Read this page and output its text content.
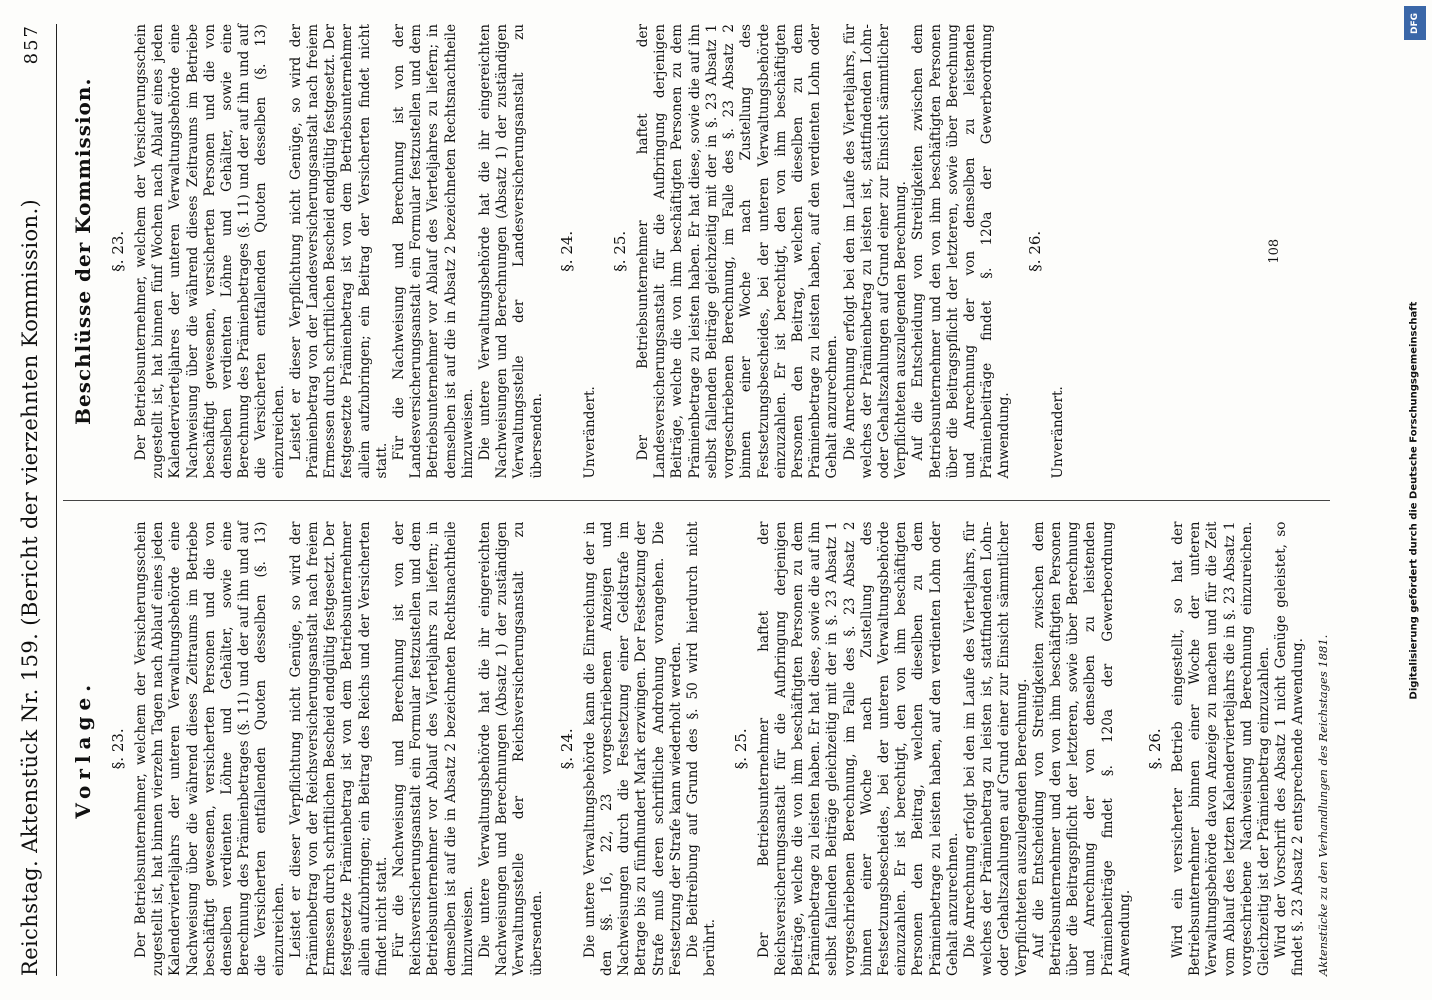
Reichstag. Aktenstück Nr. 159. (Bericht der vierzehnten Kommission.)
857
Vorlage. §. 23. Der Betriebsunternehmer, welchem der Versicherungsschein zugestellt ist, hat binnen vierzehn Tagen nach Ablauf eines jeden Kalendervierteljahrs der unteren Verwaltungsbehörde eine Nachweisung über die während dieses Zeitraums im Betriebe beschäftigt gewesenen, versicherten Personen und die von denselben verdienten Löhne und Gehälter, sowie eine Berechnung des Prämienbetrages (§. 11) und der auf ihn und auf die Versicherten entfallenden Quoten desselben (§. 13) einzureichen. Leistet er dieser Verpflichtung nicht Genüge, so wird der Prämienbetrag von der Reichsversicherungsanstalt nach freiem Ermessen durch schriftlichen Bescheid endgültig festgesetzt. Der festgesetzte Prämienbetrag ist von dem Betriebsunternehmer allein aufzubringen; ein Beitrag des Reichs und der Versicherten findet nicht statt. Für die Nachweisung und Berechnung ist von der Reichsversicherungsanstalt ein Formular festzustellen und dem Betriebsunternehmer vor Ablauf des Vierteljahrs zu liefern; in demselben ist auf die in Absatz 2 bezeichneten Rechtsnachtheile hinzuweisen. Die untere Verwaltungsbehörde hat die ihr eingereichten Nachweisungen und Berechnungen (Absatz 1) der zuständigen Verwaltungsstelle der Reichsversicherungsanstalt zu übersenden.

§. 24. Die untere Verwaltungsbehörde kann die Einreichung der in den §§. 16, 22, 23 vorgeschriebenen Anzeigen und Nachweisungen durch die Festsetzung einer Geldstrafe im Betrage bis zu fünfhundert Mark erzwingen. Der Festsetzung der Strafe muß deren schriftliche Androhung vorangehen. Die Festsetzung der Strafe kann wiederholt werden. Die Beitreibung auf Grund des §. 50 wird hierdurch nicht berührt.

§. 25. Der Betriebsunternehmer haftet der Reichsversicherungsanstalt für die Aufbringung derjenigen Beiträge, welche die von ihm beschäftigten Personen zu dem Prämienbetrage zu leisten haben. Er hat diese, sowie die auf ihn selbst fallenden Beiträge gleichzeitig mit der in §. 23 Absatz 1 vorgeschriebenen Berechnung, im Falle des §. 23 Absatz 2 binnen einer Woche nach Zustellung des Festsetzungsbescheides, bei der unteren Verwaltungsbehörde einzuzahlen. Er ist berechtigt, den von ihm beschäftigten Personen den Beitrag, welchen dieselben zu dem Prämienbetrage zu leisten haben, auf den verdienten Lohn oder Gehalt anzurechnen. Die Anrechnung erfolgt bei den im Laufe des Vierteljahrs, für welches der Prämienbetrag zu leisten ist, stattfindenden Lohn- oder Gehaltszahlungen auf Grund einer zur Einsicht sämmtlicher Verpflichteten auszulegenden Berechnung. Auf die Entscheidung von Streitigkeiten zwischen dem Betriebsunternehmer und den von ihm beschäftigten Personen über die Beitragspflicht der letzteren, sowie über Berechnung und Anrechnung der von denselben zu leistenden Prämienbeiträge findet §. 120a der Gewerbeordnung Anwendung.

§. 26. Wird ein versicherter Betrieb eingestellt, so hat der Betriebsunternehmer binnen einer Woche der unteren Verwaltungsbehörde davon Anzeige zu machen und für die Zeit vom Ablauf des letzten Kalendervierteljahrs die in §. 23 Absatz 1 vorgeschriebene Nachweisung und Berechnung einzureichen. Gleichzeitig ist der Prämienbetrag einzuzahlen. Wird der Vorschrift des Absatz 1 nicht Genüge geleistet, so findet §. 23 Absatz 2 entsprechende Anwendung. Aktenstücke zu den Verhandlungen des Reichstages 1881.
Beschlüsse der Kommission. §. 23. Der Betriebsunternehmer, welchem der Versicherungsschein zugestellt ist, hat binnen fünf Wochen nach Ablauf eines jeden Kalendervierteljahres der unteren Verwaltungsbehörde eine Nachweisung über die während dieses Zeitraums im Betriebe beschäftigt gewesenen, versicherten Personen und die von denselben verdienten Löhne und Gehälter, sowie eine Berechnung des Prämienbetrages (§. 11) und der auf ihn und auf die Versicherten entfallenden Quoten desselben (§. 13) einzureichen. Leistet er dieser Verpflichtung nicht Genüge, so wird der Prämienbetrag von der Landesversicherungsanstalt nach freiem Ermessen durch schriftlichen Bescheid endgültig festgesetzt. Der festgesetzte Prämienbetrag ist von dem Betriebsunternehmer allein aufzubringen; ein Beitrag der Versicherten findet nicht statt.

Für die Nachweisung und Berechnung ist von der Landesversicherungsanstalt ein Formular festzustellen und dem Betriebsunternehmer vor Ablauf des Vierteljahres zu liefern; in demselben ist auf die in Absatz 2 bezeichneten Rechtsnachtheile hinzuweisen. Die untere Verwaltungsbehörde hat die ihr eingereichten Nachweisungen und Berechnungen (Absatz 1) der zuständigen Verwaltungsstelle der Landesversicherungsanstalt zu übersenden.

§. 24.

Unverändert.

§. 25. Der Betriebsunternehmer haftet der Landesversicherungsanstalt für die Aufbringung derjenigen Beiträge, welche die von ihm beschäftigten Personen zu dem Prämienbetrage zu leisten haben. Er hat diese, sowie die auf ihn selbst fallenden Beiträge gleichzeitig mit der in §. 23 Absatz 1 vorgeschriebenen Berechnung, im Falle des §. 23 Absatz 2 binnen einer Woche nach Zustellung des Festsetzungsbescheides, bei der unteren Verwaltungsbehörde einzuzahlen. Er ist berechtigt, den von ihm beschäftigten Personen den Beitrag, welchen dieselben zu dem Prämienbetrage zu leisten haben, auf den verdienten Lohn oder Gehalt anzurechnen. Die Anrechnung erfolgt bei den im Laufe des Vierteljahrs, für welches der Prämienbetrag zu leisten ist, stattfindenden Lohn- oder Gehaltszahlungen auf Grund einer zur Einsicht sämmtlicher Verpflichteten auszulegenden Berechnung. Auf die Entscheidung von Streitigkeiten zwischen dem Betriebsunternehmer und den von ihm beschäftigten Personen über die Beitragspflicht der letzteren, sowie über Berechnung und Anrechnung der von denselben zu leistenden Prämienbeiträge findet §. 120a der Gewerbeordnung Anwendung.

§. 26.

Unverändert.

108
Digitalisierung gefördert durch die Deutsche Forschungsgemeinschaft
DFG
